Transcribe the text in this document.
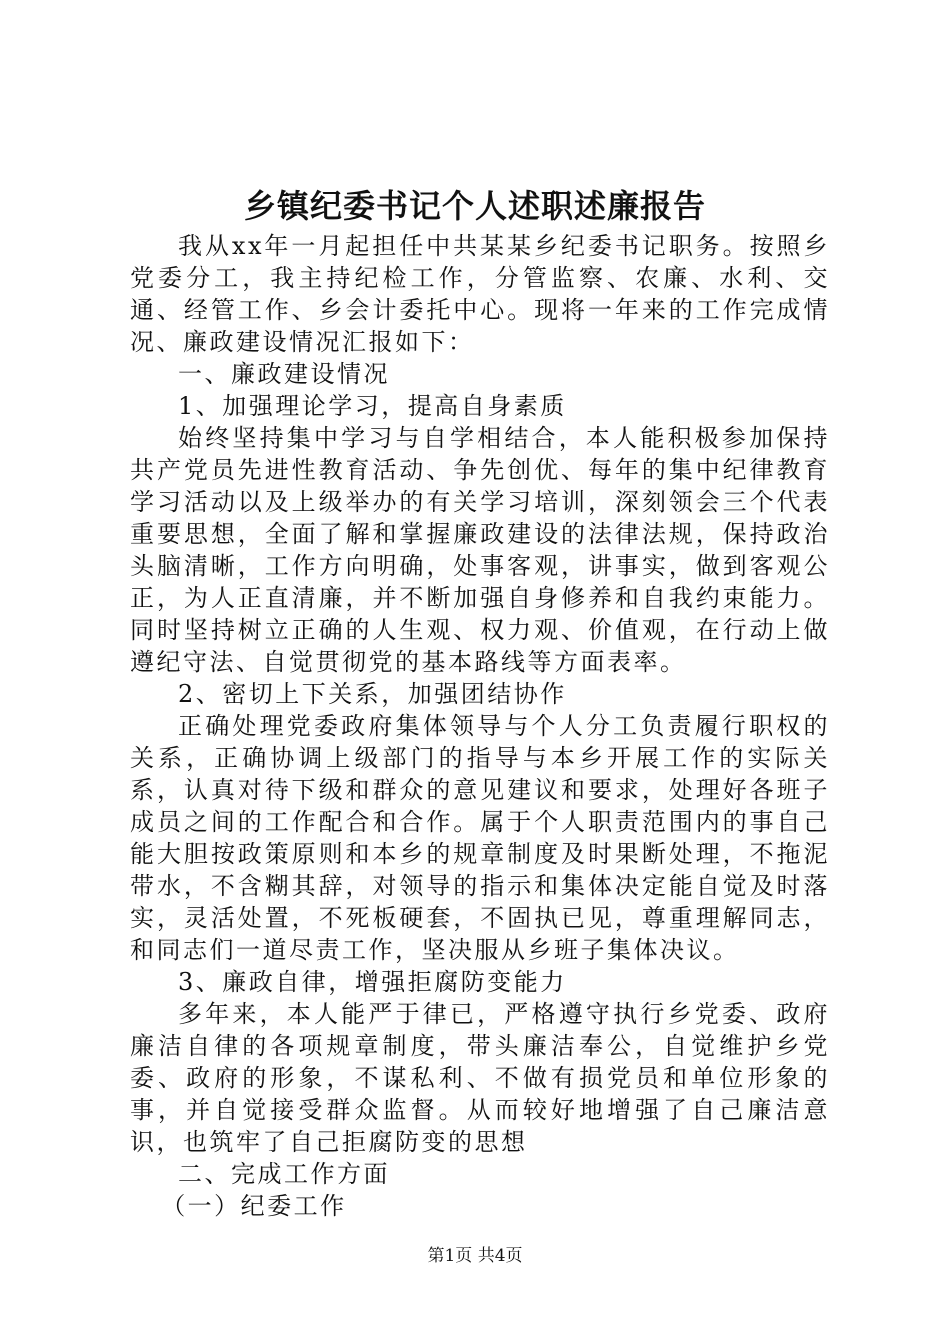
乡镇纪委书记个人述职述廉报告

我从xx年一月起担任中共某某乡纪委书记职务。按照乡党委分工，我主持纪检工作，分管监察、农廉、水利、交通、经管工作、乡会计委托中心。现将一年来的工作完成情况、廉政建设情况汇报如下：

一、廉政建设情况

1、加强理论学习，提高自身素质

始终坚持集中学习与自学相结合，本人能积极参加保持共产党员先进性教育活动、争先创优、每年的集中纪律教育学习活动以及上级举办的有关学习培训，深刻领会三个代表重要思想，全面了解和掌握廉政建设的法律法规，保持政治头脑清晰，工作方向明确，处事客观，讲事实，做到客观公正，为人正直清廉，并不断加强自身修养和自我约束能力。同时坚持树立正确的人生观、权力观、价值观，在行动上做遵纪守法、自觉贯彻党的基本路线等方面表率。

2、密切上下关系，加强团结协作

正确处理党委政府集体领导与个人分工负责履行职权的关系，正确协调上级部门的指导与本乡开展工作的实际关系，认真对待下级和群众的意见建议和要求，处理好各班子成员之间的工作配合和合作。属于个人职责范围内的事自己能大胆按政策原则和本乡的规章制度及时果断处理，不拖泥带水，不含糊其辞，对领导的指示和集体决定能自觉及时落实，灵活处置，不死板硬套，不固执已见，尊重理解同志，和同志们一道尽责工作，坚决服从乡班子集体决议。

3、廉政自律，增强拒腐防变能力

多年来，本人能严于律已，严格遵守执行乡党委、政府廉洁自律的各项规章制度，带头廉洁奉公，自觉维护乡党委、政府的形象，不谋私利、不做有损党员和单位形象的事，并自觉接受群众监督。从而较好地增强了自己廉洁意识，也筑牢了自己拒腐防变的思想

二、完成工作方面

（一）纪委工作

第1页 共4页
